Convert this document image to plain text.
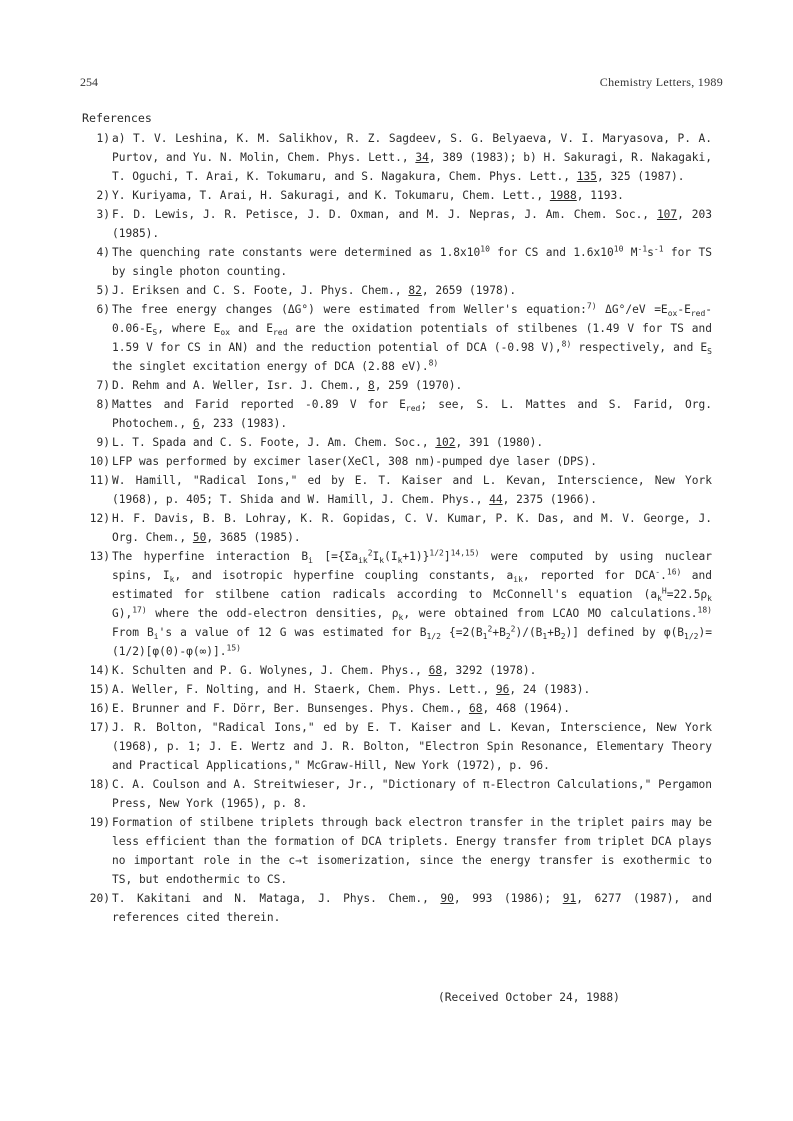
254	Chemistry Letters, 1989
References
1) a) T. V. Leshina, K. M. Salikhov, R. Z. Sagdeev, S. G. Belyaeva, V. I. Maryasova, P. A. Purtov, and Yu. N. Molin, Chem. Phys. Lett., 34, 389 (1983); b) H. Sakuragi, R. Nakagaki, T. Oguchi, T. Arai, K. Tokumaru, and S. Nagakura, Chem. Phys. Lett., 135, 325 (1987).
2) Y. Kuriyama, T. Arai, H. Sakuragi, and K. Tokumaru, Chem. Lett., 1988, 1193.
3) F. D. Lewis, J. R. Petisce, J. D. Oxman, and M. J. Nepras, J. Am. Chem. Soc., 107, 203 (1985).
4) The quenching rate constants were determined as $1.8x10^{10}$ for CS and $1.6x10^{10}$ $M^{-1}s^{-1}$ for TS by single photon counting.
5) J. Eriksen and C. S. Foote, J. Phys. Chem., 82, 2659 (1978).
6) The free energy changes (ΔG°) were estimated from Weller's equation:$^{7)}$ $\Delta G^\circ/eV =E_{ox}-E_{red}-0.06-E_S$, where $E_{ox}$ and $E_{red}$ are the oxidation potentials of stilbenes (1.49 V for TS and 1.59 V for CS in AN) and the reduction potential of DCA (-0.98 V),$^{8)}$ respectively, and $E_S$ the singlet excitation energy of DCA (2.88 eV).$^{8)}$
7) D. Rehm and A. Weller, Isr. J. Chem., 8, 259 (1970).
8) Mattes and Farid reported -0.89 V for $E_{red}$; see, S. L. Mattes and S. Farid, Org. Photochem., 6, 233 (1983).
9) L. T. Spada and C. S. Foote, J. Am. Chem. Soc., 102, 391 (1980).
10) LFP was performed by excimer laser(XeCl, 308 nm)-pumped dye laser (DPS).
11) W. Hamill, "Radical Ions," ed by E. T. Kaiser and L. Kevan, Interscience, New York (1968), p. 405; T. Shida and W. Hamill, J. Chem. Phys., 44, 2375 (1966).
12) H. F. Davis, B. B. Lohray, K. R. Gopidas, C. V. Kumar, P. K. Das, and M. V. George, J. Org. Chem., 50, 3685 (1985).
13) The hyperfine interaction $B_i$ $[=\{\Sigma a_{ik}^2I_k(I_k+1)\}^{1/2}]^{14,15)}$ were computed by using nuclear spins, $I_k$, and isotropic hyperfine coupling constants, $a_{ik}$, reported for DCA-.$^{16)}$ and estimated for stilbene cation radicals according to McConnell's equation ($a_k^H=22.5\rho_k$ G),$^{17)}$ where the odd-electron densities, $\rho_k$, were obtained from LCAO MO calculations.$^{18)}$ From $B_i's$ a value of 12 G was estimated for $B_{1/2}$ $\{=2(B_1^2+B_2^2)/(B_1+B_2)]$ defined by $\varphi(B_{1/2})=(1/2)[\varphi(0)-\varphi(\infty)].^{15)}$
14) K. Schulten and P. G. Wolynes, J. Chem. Phys., 68, 3292 (1978).
15) A. Weller, F. Nolting, and H. Staerk, Chem. Phys. Lett., 96, 24 (1983).
16) E. Brunner and F. Dörr, Ber. Bunsenges. Phys. Chem., 68, 468 (1964).
17) J. R. Bolton, "Radical Ions," ed by E. T. Kaiser and L. Kevan, Interscience, New York (1968), p. 1; J. E. Wertz and J. R. Bolton, "Electron Spin Resonance, Elementary Theory and Practical Applications," McGraw-Hill, New York (1972), p. 96.
18) C. A. Coulson and A. Streitwieser, Jr., "Dictionary of π-Electron Calculations," Pergamon Press, New York (1965), p. 8.
19) Formation of stilbene triplets through back electron transfer in the triplet pairs may be less efficient than the formation of DCA triplets. Energy transfer from triplet DCA plays no important role in the c→t isomerization, since the energy transfer is exothermic to TS, but endothermic to CS.
20) T. Kakitani and N. Mataga, J. Phys. Chem., 90, 993 (1986); 91, 6277 (1987), and references cited therein.
(Received October 24, 1988)
